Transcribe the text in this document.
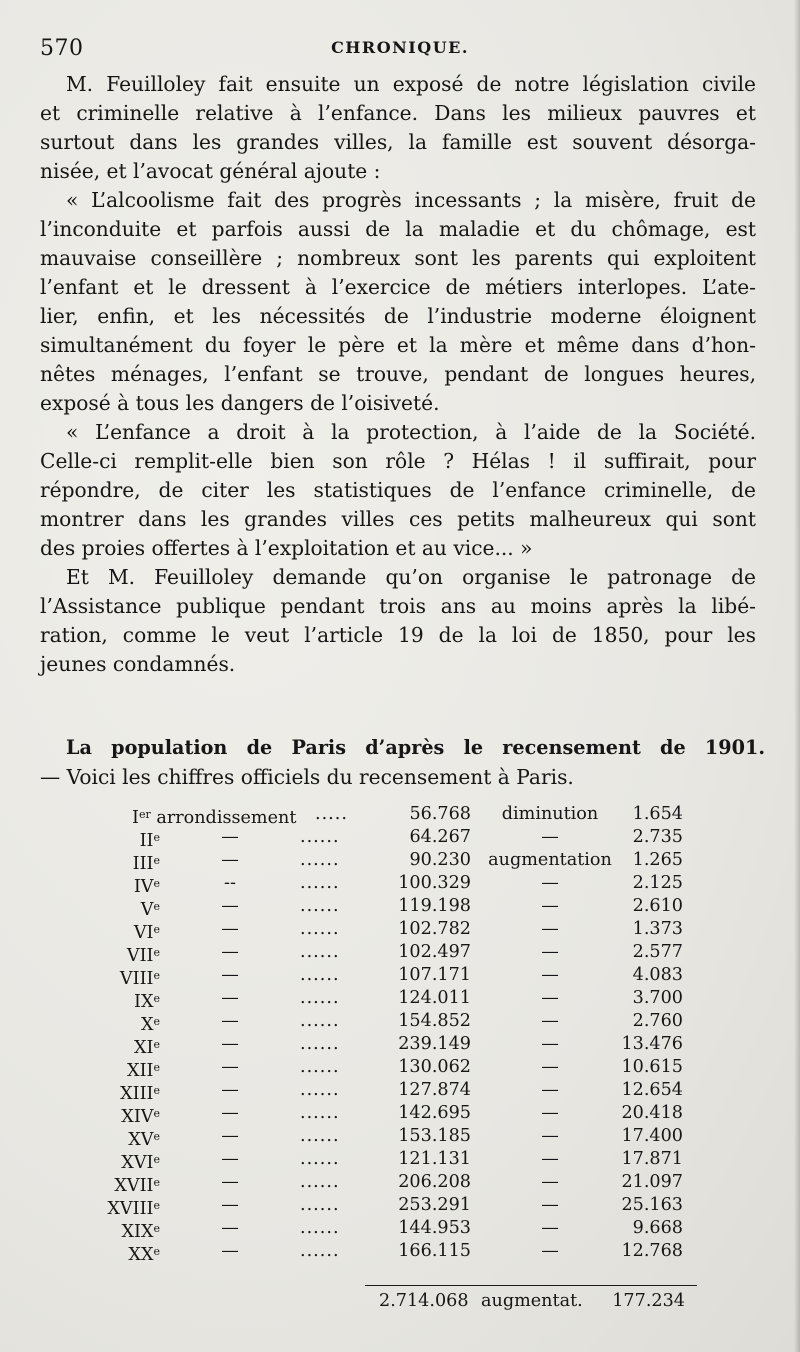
570	CHRONIQUE.
M. Feuilloley fait ensuite un exposé de notre législation civile
et criminelle relative à l’enfance. Dans les milieux pauvres et
surtout dans les grandes villes, la famille est souvent désorga-
nisée, et l’avocat général ajoute :
« L’alcoolisme fait des progrès incessants ; la misère, fruit de
l’inconduite et parfois aussi de la maladie et du chômage, est
mauvaise conseillère ; nombreux sont les parents qui exploitent
l’enfant et le dressent à l’exercice de métiers interlopes. L’ate-
lier, enfin, et les nécessités de l’industrie moderne éloignent
simultanément du foyer le père et la mère et même dans d’hon-
nêtes ménages, l’enfant se trouve, pendant de longues heures,
exposé à tous les dangers de l’oisiveté.
« L’enfance a droit à la protection, à l’aide de la Société.
Celle-ci remplit-elle bien son rôle ? Hélas ! il suffirait, pour
répondre, de citer les statistiques de l’enfance criminelle, de
montrer dans les grandes villes ces petits malheureux qui sont
des proies offertes à l’exploitation et au vice... »
Et M. Feuilloley demande qu’on organise le patronage de
l’Assistance publique pendant trois ans au moins après la libé-
ration, comme le veut l’article 19 de la loi de 1850, pour les
jeunes condamnés.
La population de Paris d’après le recensement de 1901.
— Voici les chiffres officiels du recensement à Paris.
Ier arrondissement .....	56.768	diminution	1.654
IIe	—	......	64.267	—	2.735
IIIe	—	......	90.230 augmentation	1.265
IVe	--	......	100.329	—	2.125
Ve	—	......	119.198	—	2.610
VIe	—	......	102.782	—	1.373
VIIe	—	......	102.497	—	2.577
VIIIe	—	......	107.171	—	4.083
IXe	—	......	124.011	—	3.700
Xe	—	......	154.852	—	2.760
XIe	—	......	239.149	—	13.476
XIIe	—	......	130.062	—	10.615
XIIIe	—	......	127.874	—	12.654
XIVe	—	......	142.695	—	20.418
XVe	—	......	153.185	—	17.400
XVIe	—	......	121.131	—	17.871
XVIIe	—	......	206.208	—	21.097
XVIIIe	—	......	253.291	—	25.163
XIXe	—	......	144.953	—	9.668
XXe	—	......	166.115	—	12.768
2.714.068 augmentat. 177.234
